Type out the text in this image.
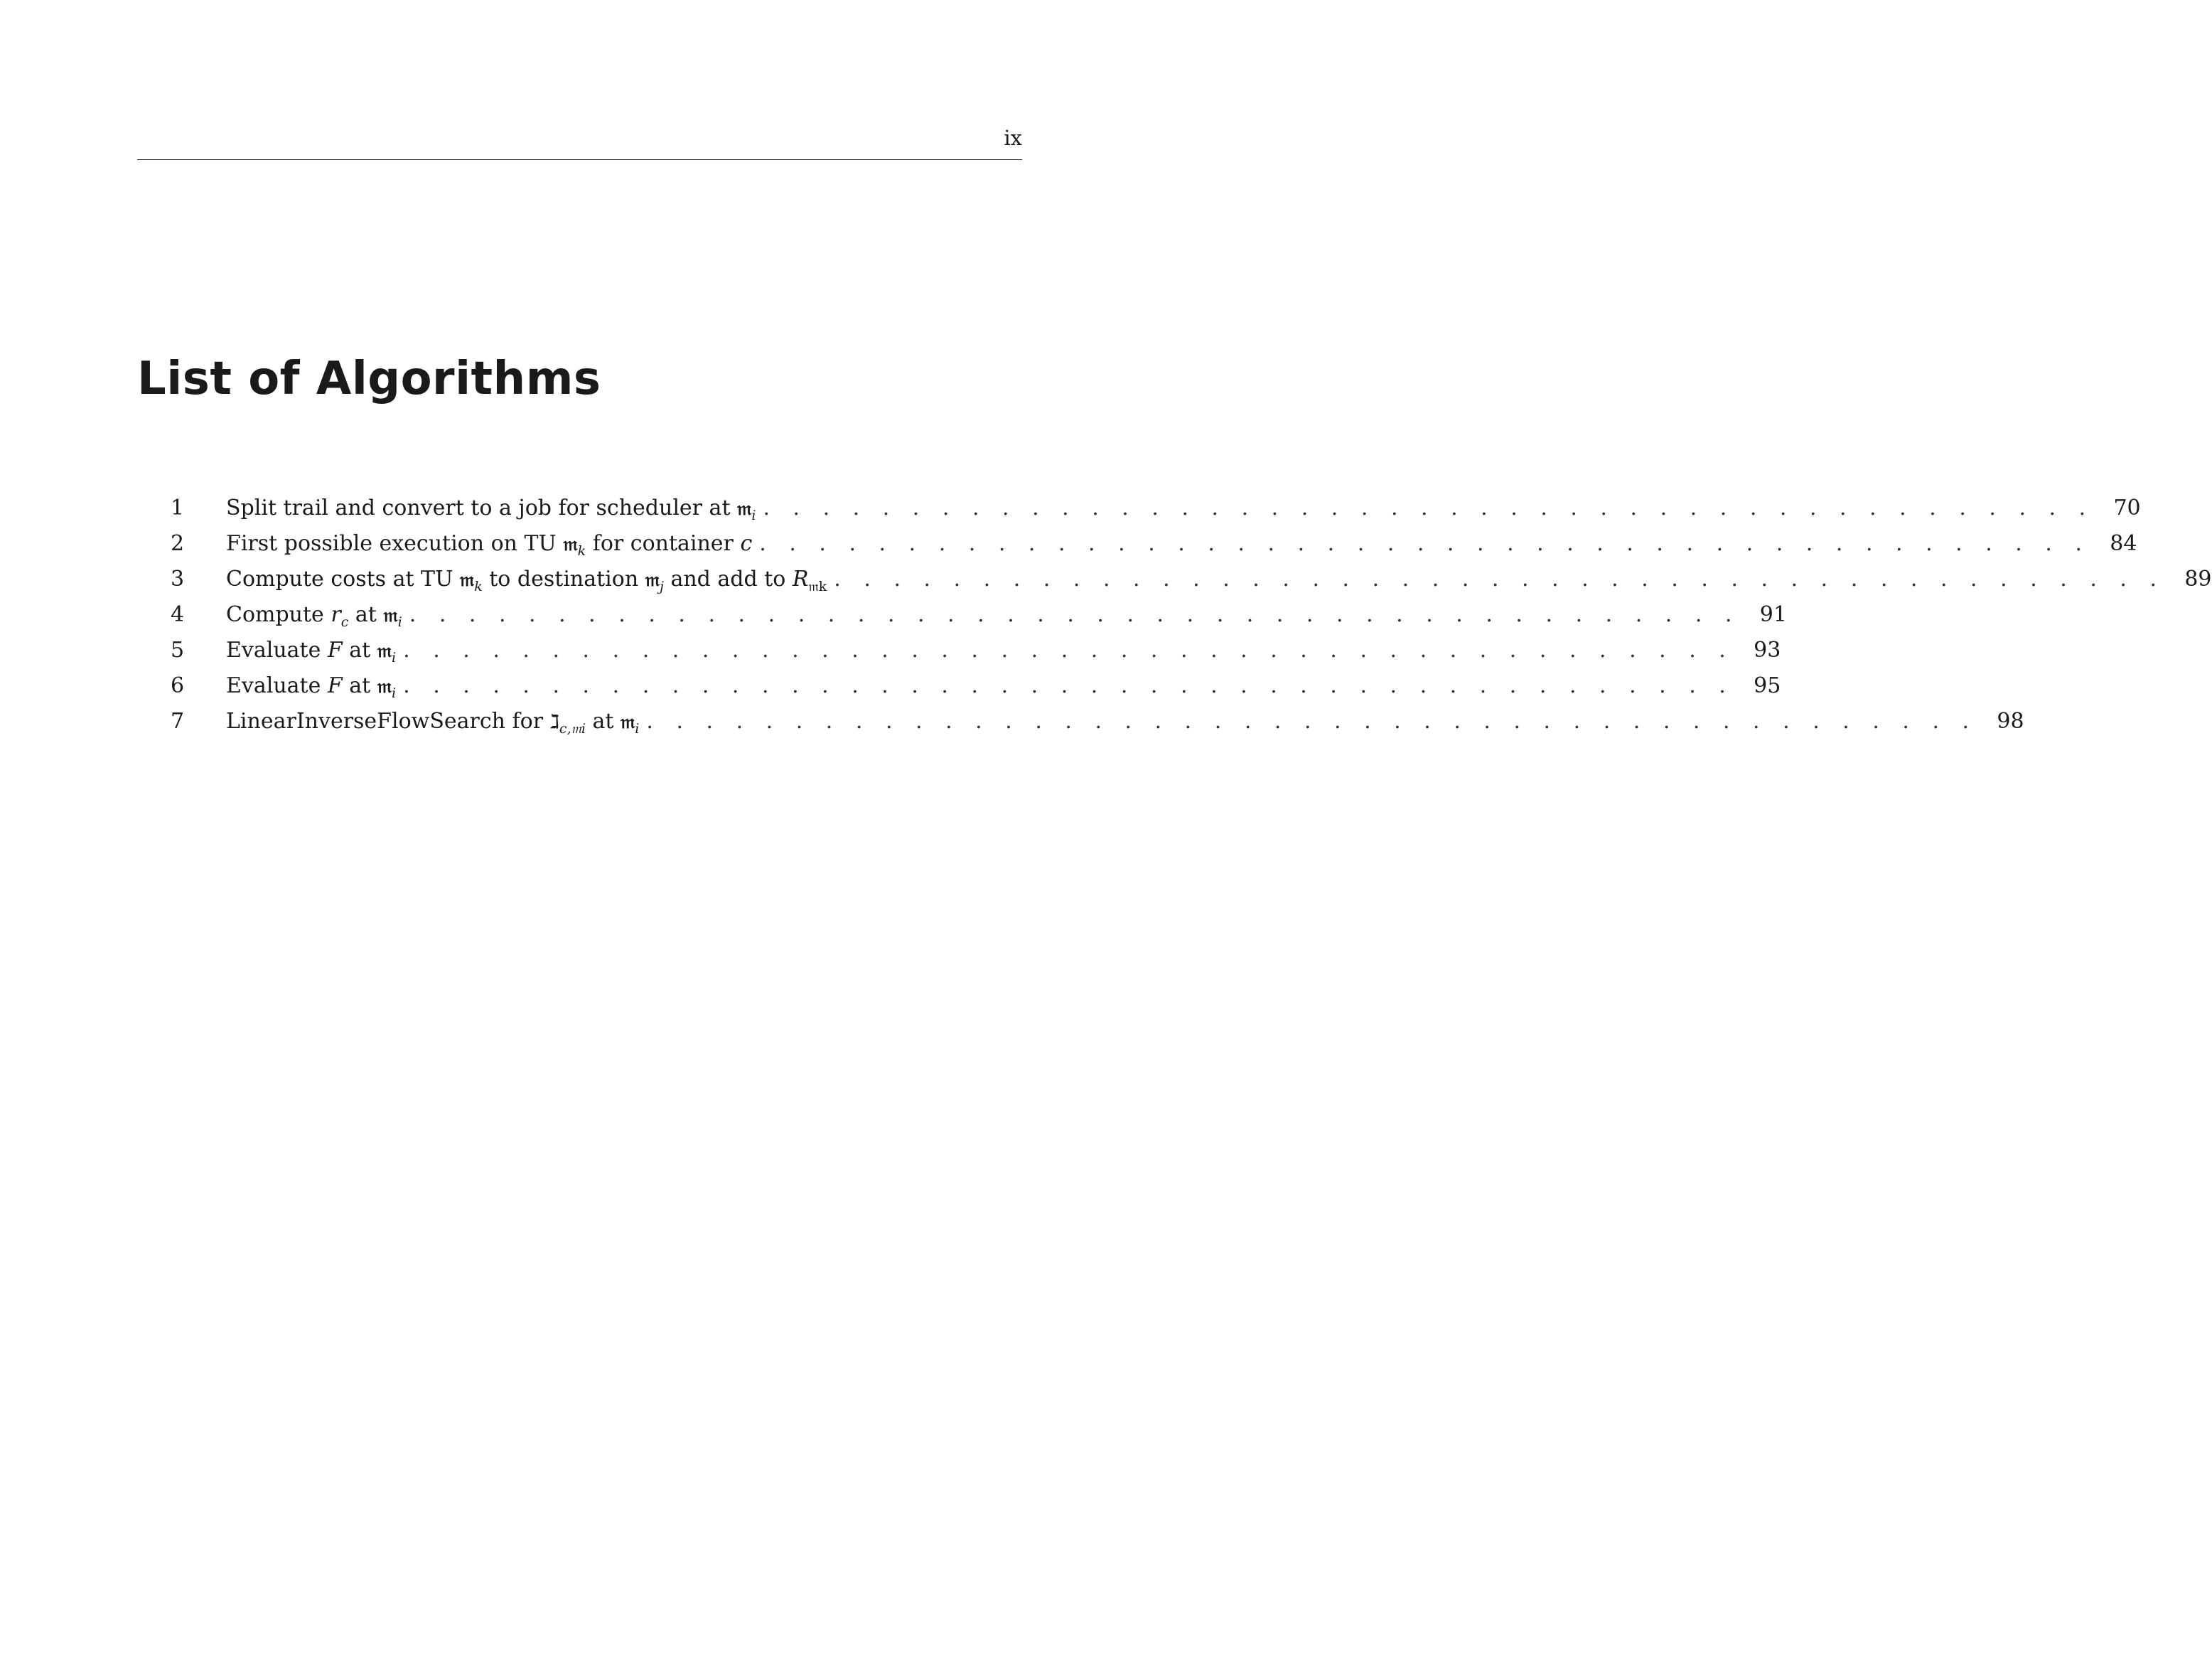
ix
List of Algorithms
1	Split trail and convert to a job for scheduler at 𝔪$_i$ . . . . . . . . . . . . . . . . . . . . . . . . . . . . . . . . . . . . . . . . . . . . . 70
2	First possible execution on TU 𝔪$_k$ for container c . . . . . . . . . . . . . . . . . . . . . . . . . . . . . . . . . . . . . . . . . . . . . 84
3	Compute costs at TU 𝔪$_k$ to destination 𝔪$_j$ and add to $R_{𝔪k}$ . . . . . . . . . . . . . . . . . . . . . . . . . . . . . . . . . . . . . . . . . . . . . 89
4	Compute $r_c$ at 𝔪$_i$ . . . . . . . . . . . . . . . . . . . . . . . . . . . . . . . . . . . . . . . . . . . . . 91
5	Evaluate F at 𝔪$_i$ . . . . . . . . . . . . . . . . . . . . . . . . . . . . . . . . . . . . . . . . . . . . . 93
6	Evaluate F at 𝔪$_i$ . . . . . . . . . . . . . . . . . . . . . . . . . . . . . . . . . . . . . . . . . . . . . 95
7	LinearInverseFlowSearch for ℷ$_{c,𝔪i}$ at 𝔪$_i$ . . . . . . . . . . . . . . . . . . . . . . . . . . . . . . . . . . . . . . . . . . . . . 98
